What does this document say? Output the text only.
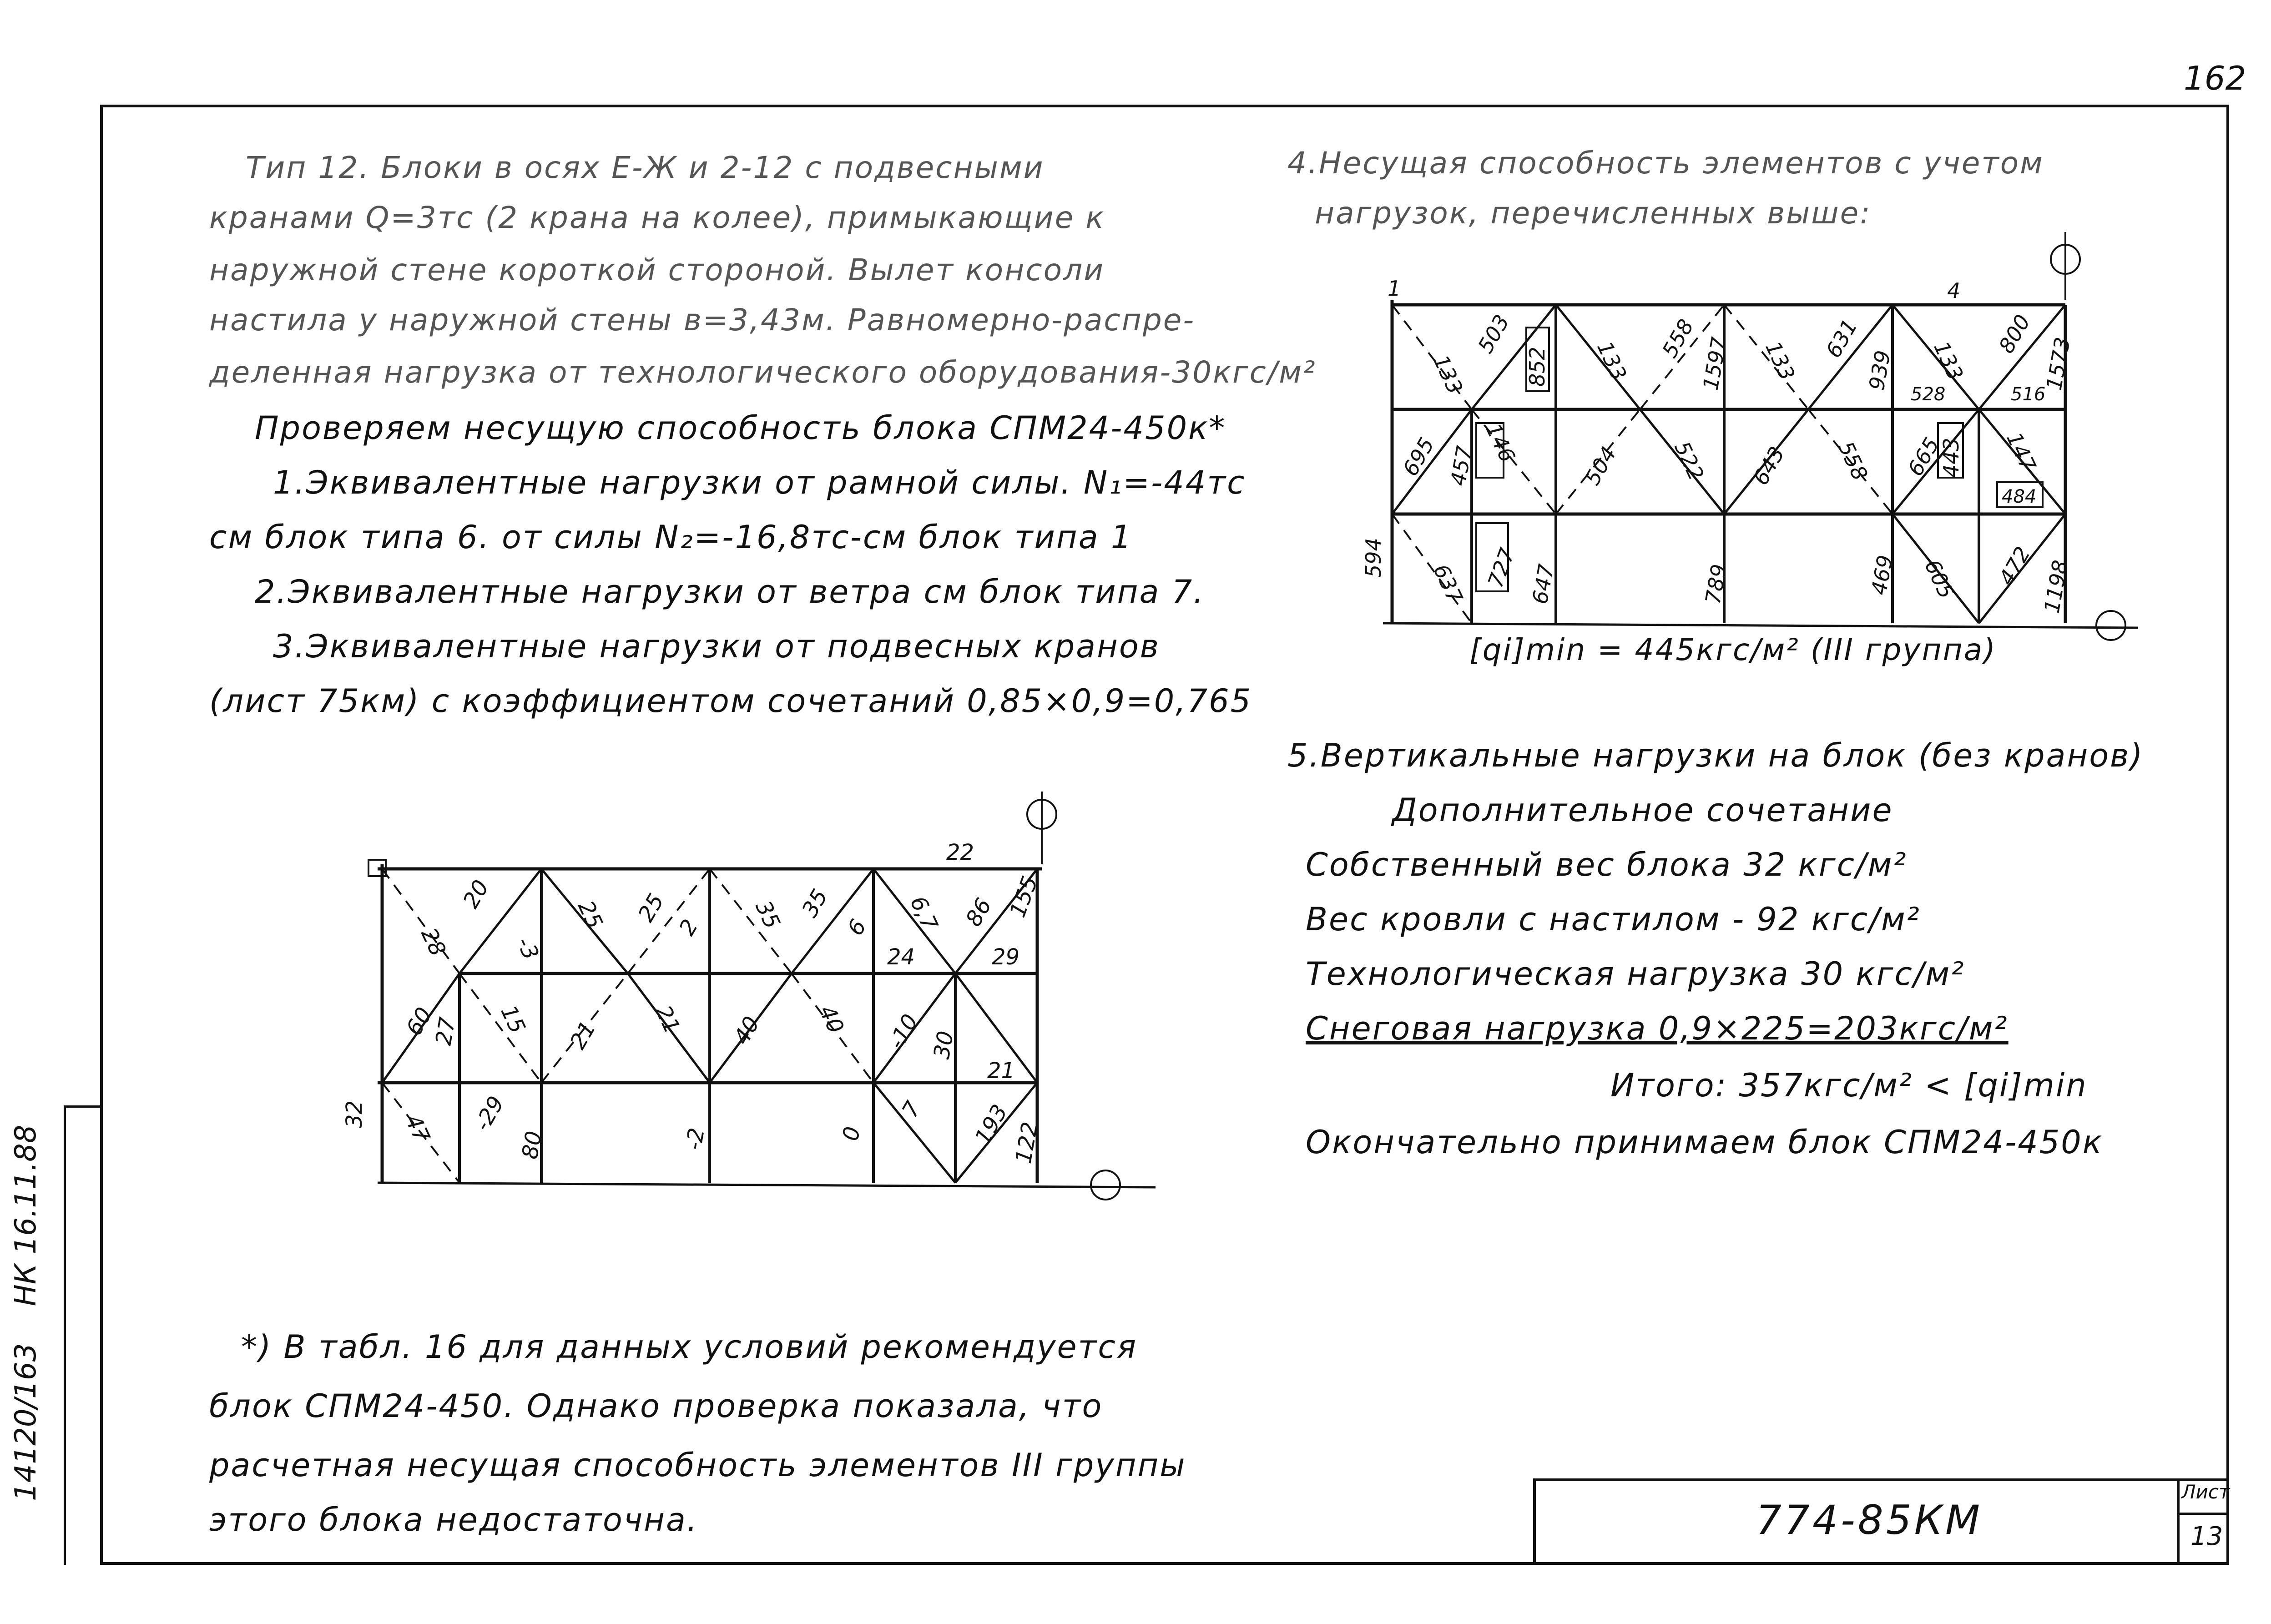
162
14120/163    НК 16.11.88
Тип 12. Блоки в осях Е-Ж и 2-12 с подвесными
кранами Q=3тс (2 крана на колее), примыкающие к
наружной стене короткой стороной. Вылет консоли
настила у наружной стены в=3,43м. Равномерно-распре-
деленная нагрузка от технологического оборудования-30кгс/м²
Проверяем несущую способность блока СПМ24-450к*
1.Эквивалентные нагрузки от рамной силы. N₁=-44тс
см блок типа 6. от силы N₂=-16,8тс-см блок типа 1
2.Эквивалентные нагрузки от ветра см блок типа 7.
3.Эквивалентные нагрузки от подвесных кранов
(лист 75км) с коэффициентом сочетаний 0,85×0,9=0,765
4.Несущая способность элементов с учетом
нагрузок, перечисленных выше:
[qi]min = 445кгс/м² (III группа)
5.Вертикальные нагрузки на блок (без кранов)
Дополнительное сочетание
Собственный вес блока 32 кгс/м²
Вес кровли с настилом - 92 кгс/м²
Технологическая нагрузка 30 кгс/м²
Снеговая нагрузка 0,9×225=203кгс/м²
Итого: 357кгс/м² < [qi]min
Окончательно принимаем блок СПМ24-450к
*) В табл. 16 для данных условий рекомендуется
блок СПМ24-450. Однако проверка показала, что
расчетная несущая способность элементов III группы
этого блока недостаточна.
22
28
20
-3
25 25
2 35 35
6 6,7 86 155
24	29
60
27 15 21 21 40 40 -10 30
21
32 47 -29
80	-2	0
7 193
122
1	4
133
503
852 133 558 1597 133 631
939 133
800
1573
528	516
695 457 146	504 522 643 558 665
443
484
147
594
637 727 647	789	469 605 472 1198
774-85КМ
Лист
13
